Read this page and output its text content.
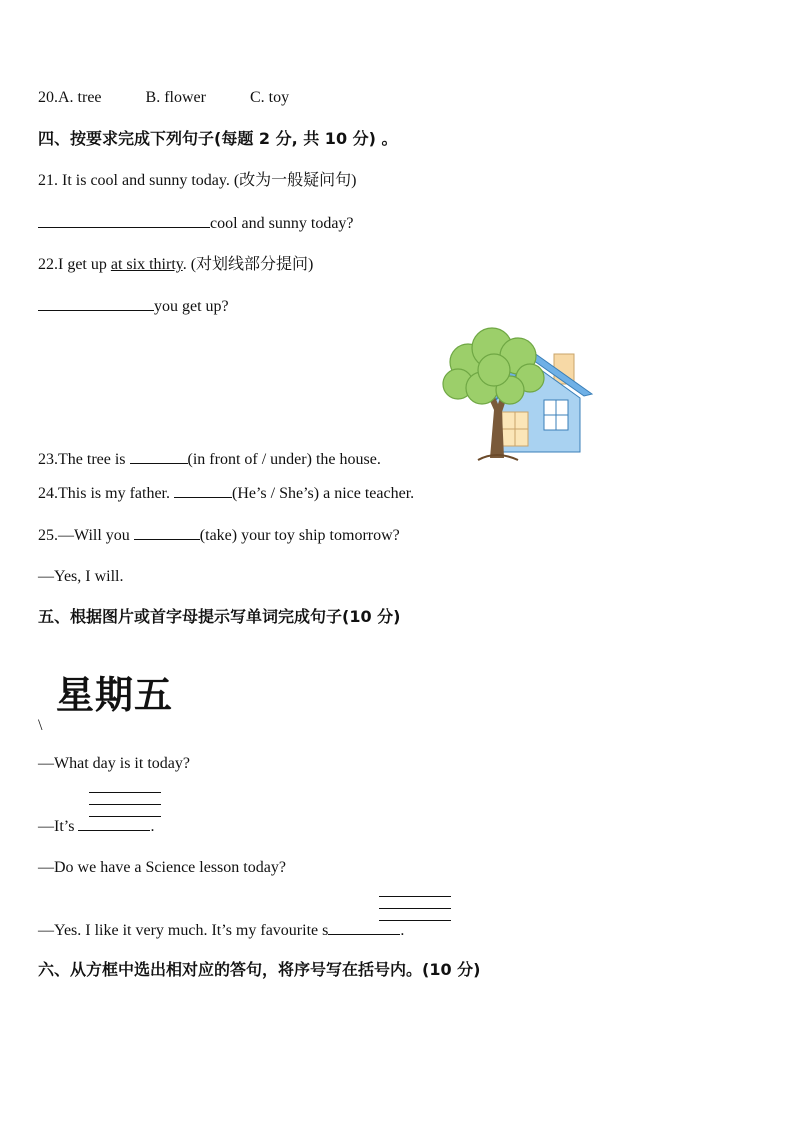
20.A. tree	B. flower	C. toy
四、按要求完成下列句子(每题 2 分, 共 10 分) 。
21. It is cool and sunny today. (改为一般疑问句)
cool and sunny today?
22.I get up at six thirty. (对划线部分提问)
you get up?
23.The tree is	(in front of / under) the house.
24.This is my father.	(He’s / She’s) a nice teacher.
25.—Will you	(take) your toy ship tomorrow?
—Yes, I will.
五、根据图片或首字母提示写单词完成句子(10 分)
星期五
\
—What day is it today?
—It’s	.
—Do we have a Science lesson today?
—Yes. I like it very much. It’s my favourite s	.
六、从方框中选出相对应的答句，将序号写在括号内。(10 分)
